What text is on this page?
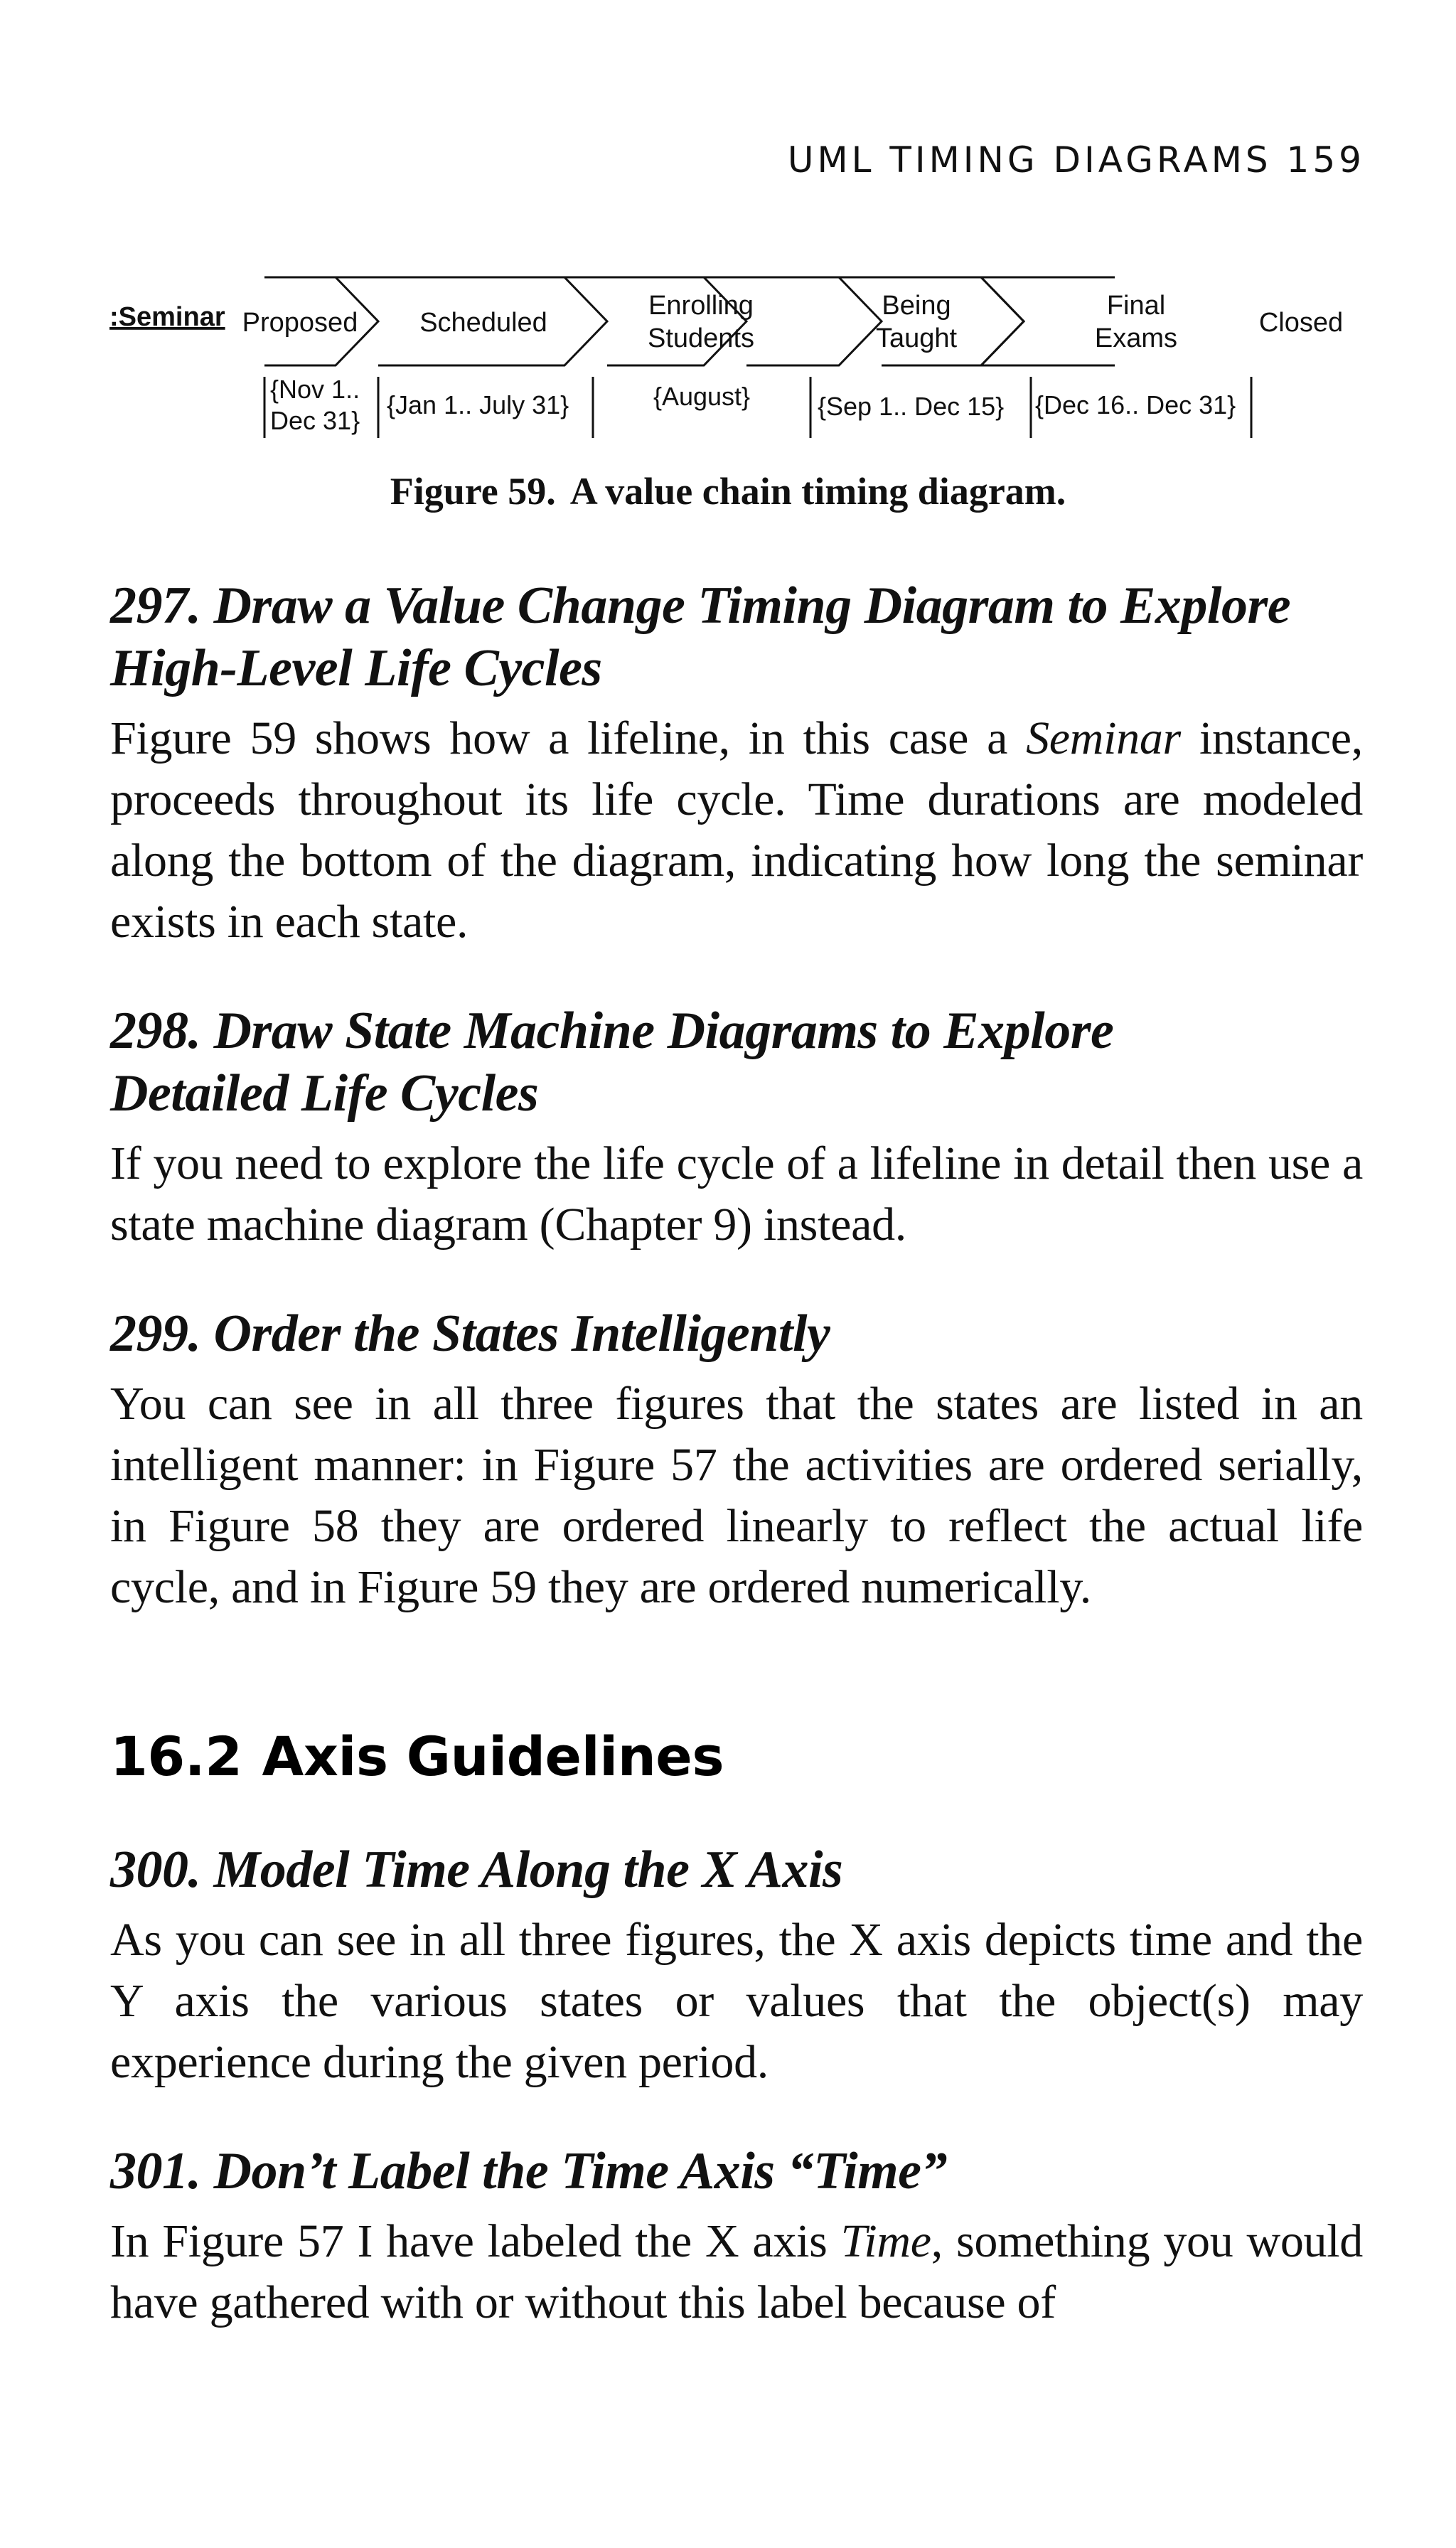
UML TIMING DIAGRAMS 159
:Seminar Proposed Scheduled
Enrolling
Students
Being
Taught
Final
Exams
Closed
{Nov 1..
Dec 31}
{Jan 1.. July 31}	{August}	{Sep 1.. Dec 15} {Dec 16.. Dec 31}
Figure 59. A value chain timing diagram.
297. Draw a Value Change Timing Diagram to Explore
High-Level Life Cycles

Figure 59 shows how a lifeline, in this case a Seminar instance, proceeds throughout its life cycle. Time durations are modeled along the bottom of the diagram, indicating how long the seminar exists in each state.

298. Draw State Machine Diagrams to Explore
Detailed Life Cycles

If you need to explore the life cycle of a lifeline in detail then use a state machine diagram (Chapter 9) instead.

299. Order the States Intelligently

You can see in all three figures that the states are listed in an intelligent manner: in Figure 57 the activities are ordered serially, in Figure 58 they are ordered linearly to reflect the actual life cycle, and in Figure 59 they are ordered numerically.

16.2 Axis Guidelines
300. Model Time Along the X Axis

As you can see in all three figures, the X axis depicts time and the Y axis the various states or values that the object(s) may experience during the given period.

301. Don’t Label the Time Axis “Time”

In Figure 57 I have labeled the X axis Time, something you would have gathered with or without this label because of
